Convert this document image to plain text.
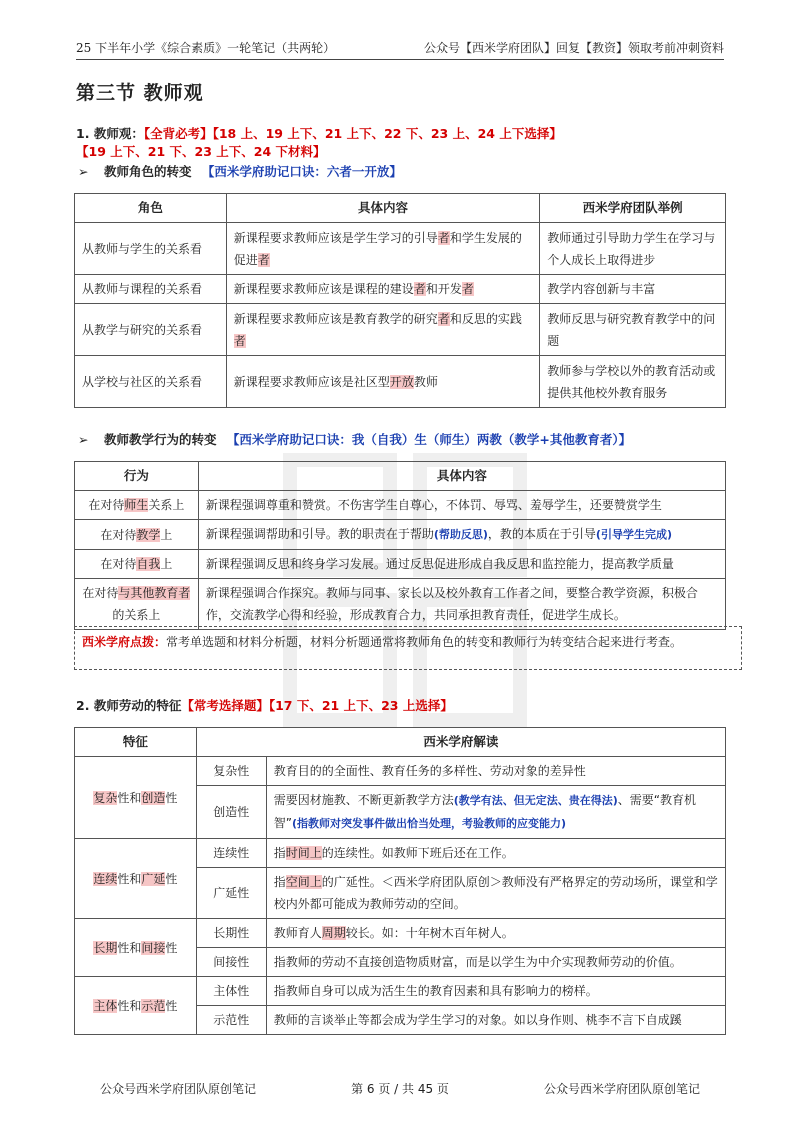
25 下半年小学《综合素质》一轮笔记（共两轮）	公众号【西米学府团队】回复【教资】领取考前冲刺资料
第三节 教师观
1. 教师观：【全背必考】【18 上、19 上下、21 上下、22 下、23 上、24 上下选择】【19 上下、21 下、23 上下、24 下材料】
➢ 教师角色的转变 【西米学府助记口诀：六者一开放】
角色	具体内容	西米学府团队举例
从教师与学生的关系看	新课程要求教师应该是学生学习的引导者和学生发展的促进者	教师通过引导助力学生在学习与个人成长上取得进步
从教师与课程的关系看	新课程要求教师应该是课程的建设者和开发者	教学内容创新与丰富
从教学与研究的关系看	新课程要求教师应该是教育教学的研究者和反思的实践者	教师反思与研究教育教学中的问题
从学校与社区的关系看	新课程要求教师应该是社区型开放教师	教师参与学校以外的教育活动或提供其他校外教育服务
➢ 教师教学行为的转变 【西米学府助记口诀：我（自我）生（师生）两教（教学+其他教育者）】
行为	具体内容
在对待师生关系上	新课程强调尊重和赞赏。不伤害学生自尊心，不体罚、辱骂、羞辱学生，还要赞赏学生
在对待教学上	新课程强调帮助和引导。教的职责在于帮助(帮助反思)，教的本质在于引导(引导学生完成)
在对待自我上	新课程强调反思和终身学习发展。通过反思促进形成自我反思和监控能力，提高教学质量
在对待与其他教育者的关系上	新课程强调合作探究。教师与同事、家长以及校外教育工作者之间，要整合教学资源，积极合作，交流教学心得和经验，形成教育合力，共同承担教育责任，促进学生成长。
西米学府点拨：常考单选题和材料分析题，材料分析题通常将教师角色的转变和教师行为转变结合起来进行考查。
2. 教师劳动的特征【常考选择题】【17 下、21 上下、23 上选择】
特征	西米学府解读	
复杂性和创造性	复杂性	教育目的的全面性、教育任务的多样性、劳动对象的差异性
	创造性	需要因材施教、不断更新教学方法(教学有法、但无定法、贵在得法)、需要“教育机智”(指教师对突发事件做出恰当处理，考验教师的应变能力)
连续性和广延性	连续性	指时间上的连续性。如教师下班后还在工作。
	广延性	指空间上的广延性。＜西米学府团队原创＞教师没有严格界定的劳动场所，课堂和学校内外都可能成为教师劳动的空间。
长期性和间接性	长期性	教师育人周期较长。如：十年树木百年树人。
	间接性	指教师的劳动不直接创造物质财富，而是以学生为中介实现教师劳动的价值。
主体性和示范性	主体性	指教师自身可以成为活生生的教育因素和具有影响力的榜样。
	示范性	教师的言谈举止等都会成为学生学习的对象。如以身作则、桃李不言下自成蹊
公众号西米学府团队原创笔记	第 6 页 / 共 45 页	公众号西米学府团队原创笔记
